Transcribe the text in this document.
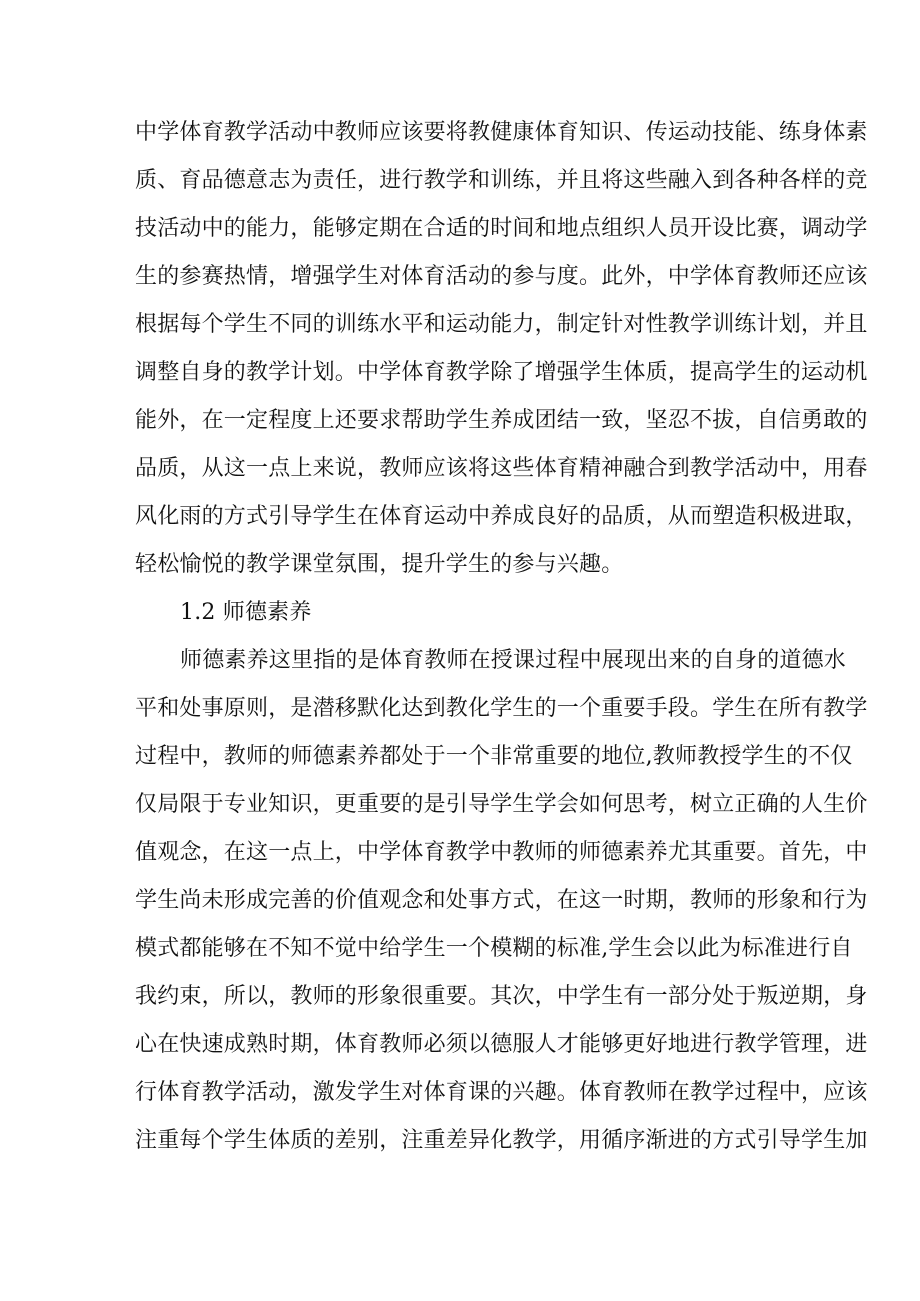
中学体育教学活动中教师应该要将教健康体育知识、传运动技能、练身体素
质、育品德意志为责任，进行教学和训练，并且将这些融入到各种各样的竞
技活动中的能力，能够定期在合适的时间和地点组织人员开设比赛，调动学
生的参赛热情，增强学生对体育活动的参与度。此外，中学体育教师还应该
根据每个学生不同的训练水平和运动能力，制定针对性教学训练计划，并且
调整自身的教学计划。中学体育教学除了增强学生体质，提高学生的运动机
能外，在一定程度上还要求帮助学生养成团结一致，坚忍不拔，自信勇敢的
品质，从这一点上来说，教师应该将这些体育精神融合到教学活动中，用春
风化雨的方式引导学生在体育运动中养成良好的品质，从而塑造积极进取，
轻松愉悦的教学课堂氛围，提升学生的参与兴趣。
1.2 师德素养
师德素养这里指的是体育教师在授课过程中展现出来的自身的道德水
平和处事原则，是潜移默化达到教化学生的一个重要手段。学生在所有教学
过程中，教师的师德素养都处于一个非常重要的地位,教师教授学生的不仅
仅局限于专业知识，更重要的是引导学生学会如何思考，树立正确的人生价
值观念，在这一点上，中学体育教学中教师的师德素养尤其重要。首先，中
学生尚未形成完善的价值观念和处事方式，在这一时期，教师的形象和行为
模式都能够在不知不觉中给学生一个模糊的标准,学生会以此为标准进行自
我约束，所以，教师的形象很重要。其次，中学生有一部分处于叛逆期，身
心在快速成熟时期，体育教师必须以德服人才能够更好地进行教学管理，进
行体育教学活动，激发学生对体育课的兴趣。体育教师在教学过程中，应该
注重每个学生体质的差别，注重差异化教学，用循序渐进的方式引导学生加
